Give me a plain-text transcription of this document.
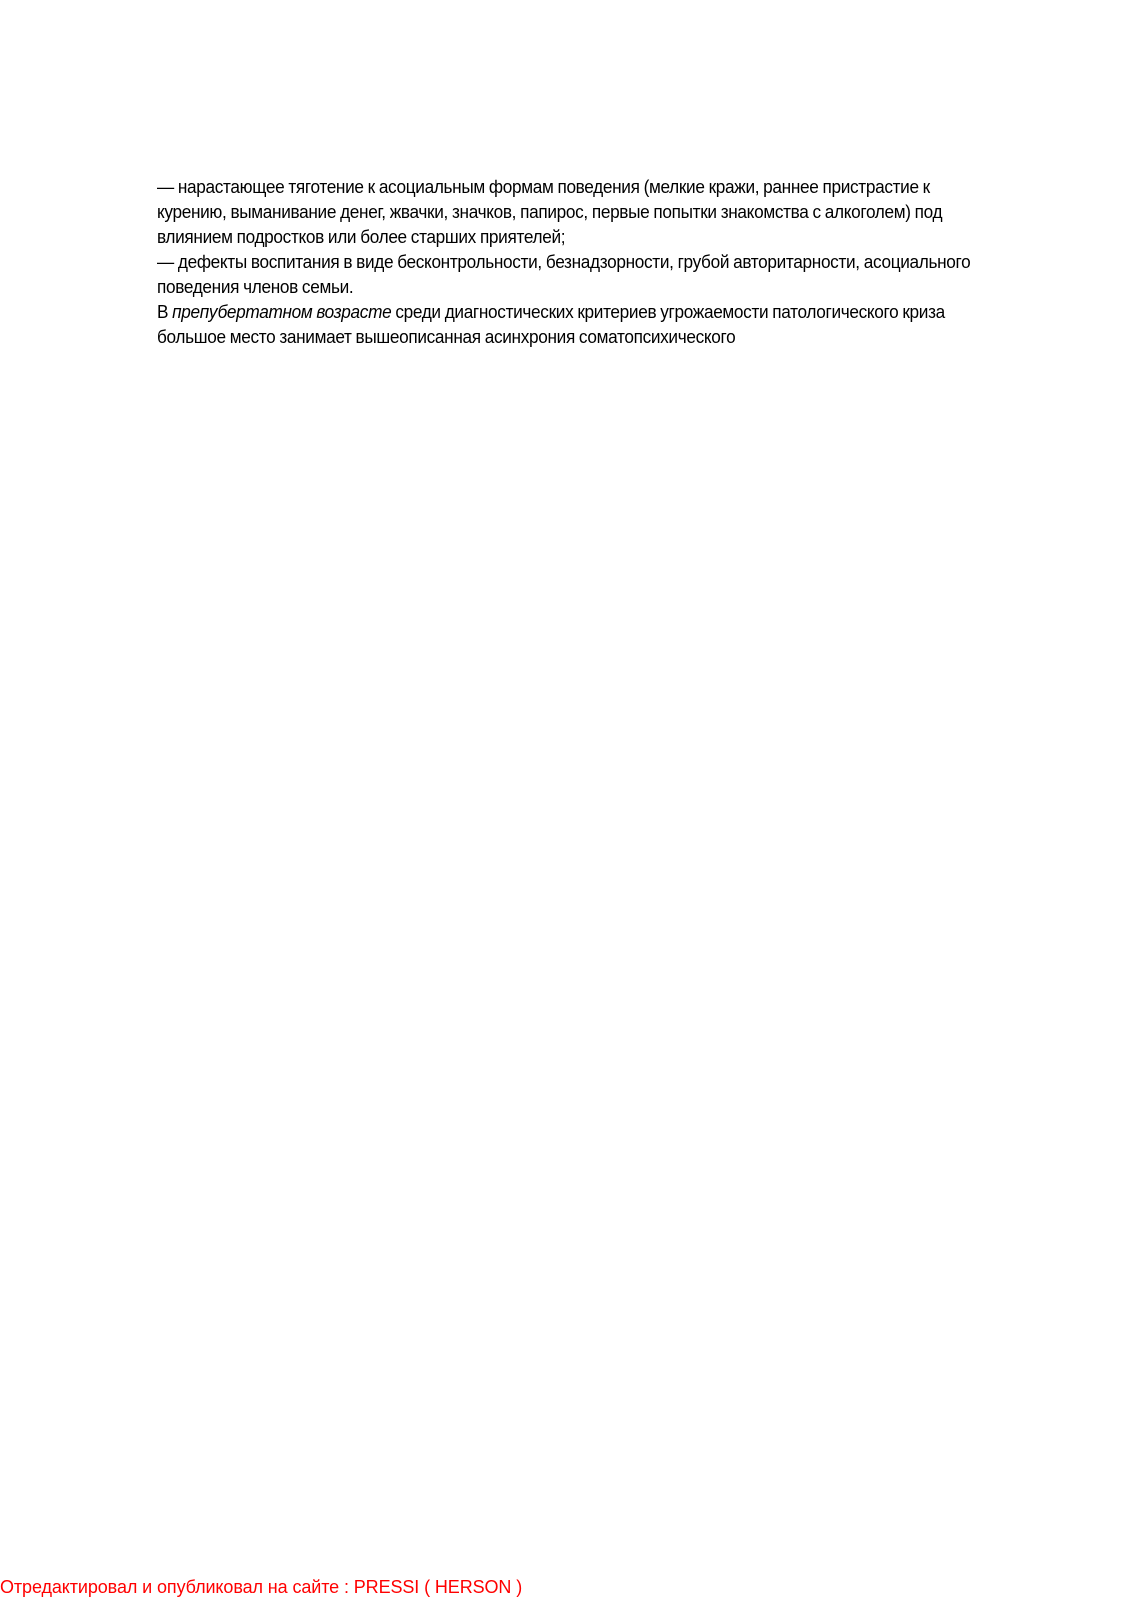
— нарастающее тяготение к асоциальным формам поведения (мелкие кражи, раннее пристрастие к курению, выманивание денег, жвачки, значков, папирос, первые попытки знакомства с алкоголем) под влиянием подростков или более старших приятелей;

— дефекты воспитания в виде бесконтрольности, безнадзорности, грубой авторитарности, асоциального поведения членов семьи.

В препубертатном возрасте среди диагностических критериев угрожаемости патологического криза большое место занимает вышеописанная асинхрония соматопсихического

Отредактировал и опубликовал на сайте : PRESSI ( HERSON )
